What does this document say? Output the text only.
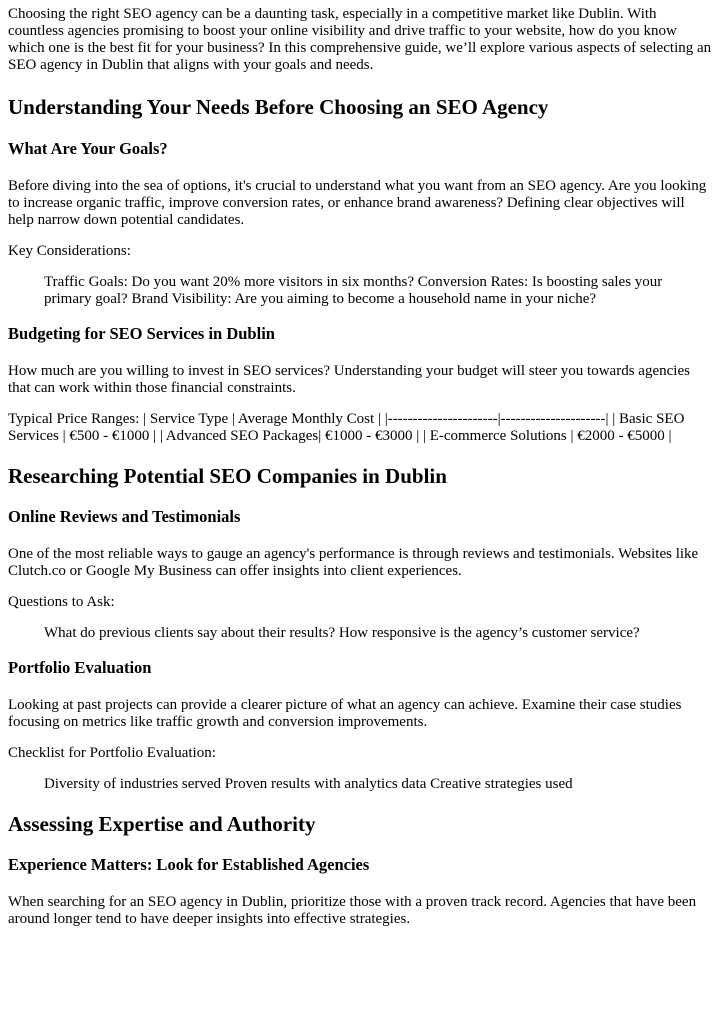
Choosing the right SEO agency can be a daunting task, especially in a competitive market like Dublin. With countless agencies promising to boost your online visibility and drive traffic to your website, how do you know which one is the best fit for your business? In this comprehensive guide, we’ll explore various aspects of selecting an SEO agency in Dublin that aligns with your goals and needs.

Understanding Your Needs Before Choosing an SEO Agency
What Are Your Goals?

Before diving into the sea of options, it's crucial to understand what you want from an SEO agency. Are you looking to increase organic traffic, improve conversion rates, or enhance brand awareness? Defining clear objectives will help narrow down potential candidates.

Key Considerations:

Traffic Goals: Do you want 20% more visitors in six months? Conversion Rates: Is boosting sales your primary goal? Brand Visibility: Are you aiming to become a household name in your niche?
Budgeting for SEO Services in Dublin

How much are you willing to invest in SEO services? Understanding your budget will steer you towards agencies that can work within those financial constraints.

Typical Price Ranges: | Service Type | Average Monthly Cost | |----------------------|---------------------| | Basic SEO Services | €500 - €1000 | | Advanced SEO Packages| €1000 - €3000 | | E-commerce Solutions | €2000 - €5000 |

Researching Potential SEO Companies in Dublin
Online Reviews and Testimonials

One of the most reliable ways to gauge an agency's performance is through reviews and testimonials. Websites like Clutch.co or Google My Business can offer insights into client experiences.

Questions to Ask:

What do previous clients say about their results? How responsive is the agency’s customer service?
Portfolio Evaluation

Looking at past projects can provide a clearer picture of what an agency can achieve. Examine their case studies focusing on metrics like traffic growth and conversion improvements.

Checklist for Portfolio Evaluation:

Diversity of industries served Proven results with analytics data Creative strategies used
Assessing Expertise and Authority
Experience Matters: Look for Established Agencies

When searching for an SEO agency in Dublin, prioritize those with a proven track record. Agencies that have been around longer tend to have deeper insights into effective strategies.
